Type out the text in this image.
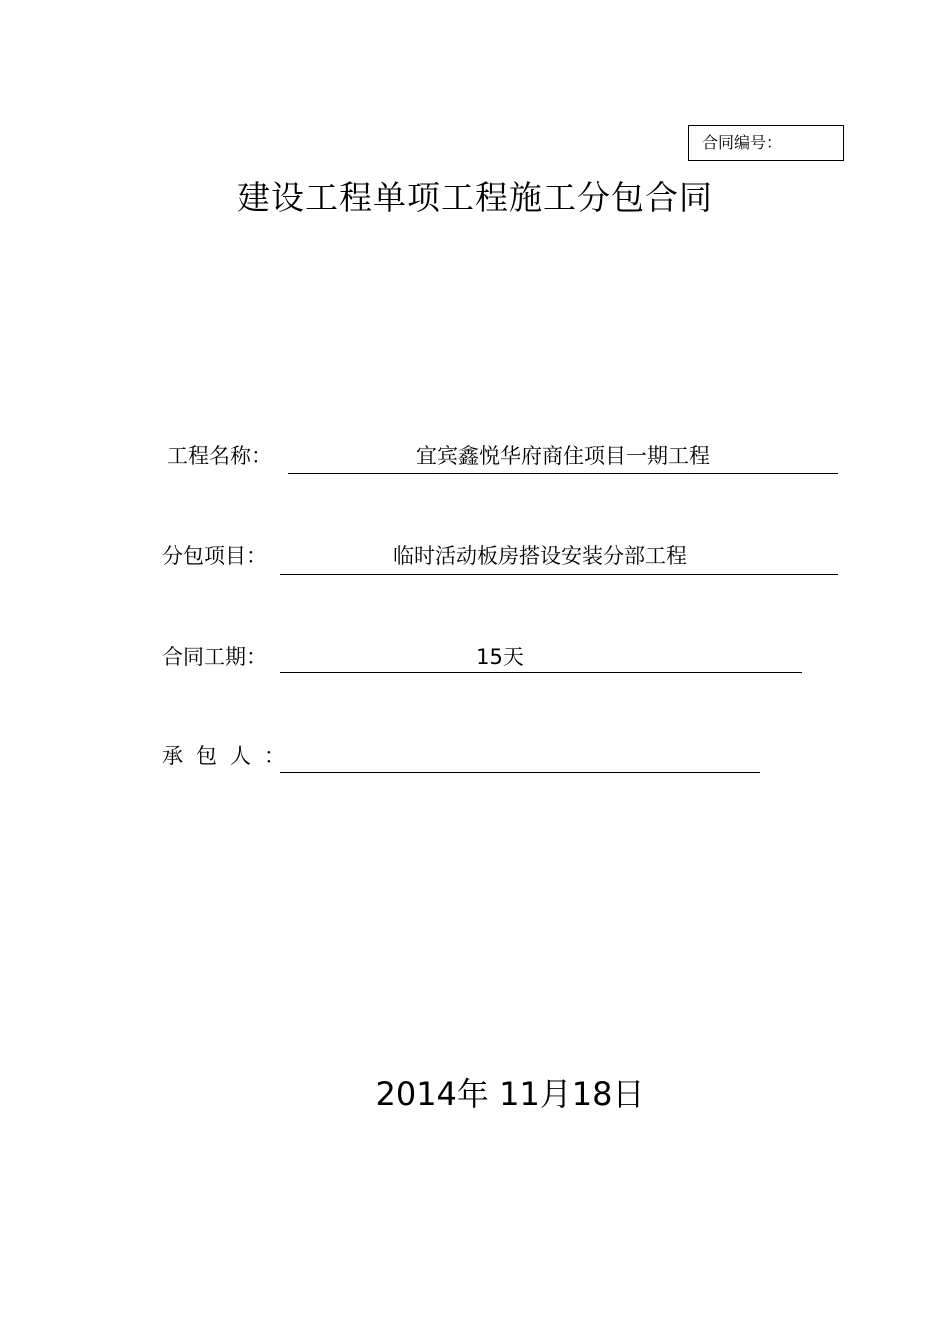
合同编号：
建设工程单项工程施工分包合同
工程名称：	宜宾鑫悦华府商住项目一期工程
分包项目：	临时活动板房搭设安装分部工程
合同工期：	15天
承包人：
2014年 11月18日
